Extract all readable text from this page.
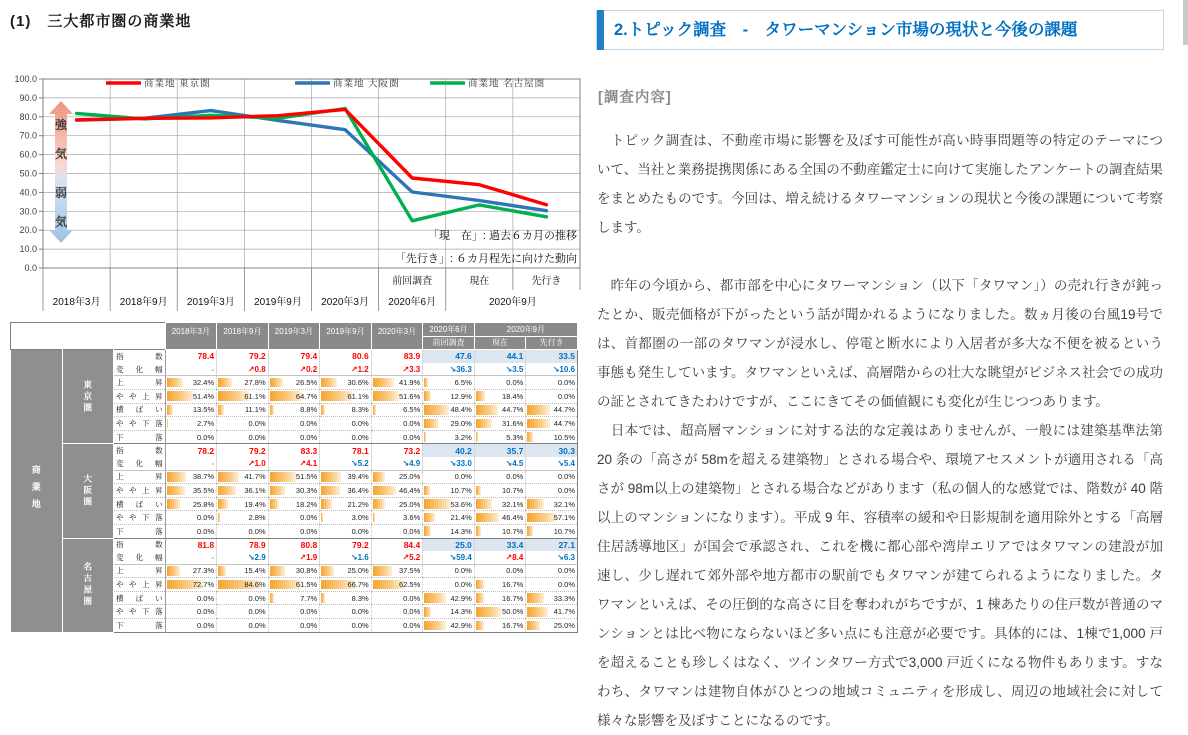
(1)　三大都市圏の商業地
0.0
10.0
20.0
30.0
40.0
50.0
60.0
70.0
80.0
90.0
100.0
強
気
弱
気
前回調査	現在	先行き
2018年3月 2018年9月 2019年3月 2019年9月 2020年3月 2020年6月	2020年9月
「現　在」: 過去６カ月の推移
「先行き」: ６カ月程先に向けた動向
商業地 東京圏	商業地 大阪圏	商業地 名古屋圏
			2018年3月	2018年9月	2019年3月	2019年9月	2020年3月	2020年6月	2020年9月	
								前回調査	現在	先行き

商業地	東京圏	指数	78.4	79.2	79.4	80.6	83.9	47.6	44.1	33.5
		変化幅	-	↗0.8	↗0.2	↗1.2	↗3.3	↘36.3	↘3.5	↘10.6
		上昇	32.4%	27.8%	26.5%	30.6%	41.9%	6.5%	0.0%	0.0%
		やや上昇	51.4%	61.1%	64.7%	61.1%	51.6%	12.9%	18.4%	0.0%
		横ばい	13.5%	11.1%	8.8%	8.3%	6.5%	48.4%	44.7%	44.7%
		やや下落	2.7%	0.0%	0.0%	0.0%	0.0%	29.0%	31.6%	44.7%
		下落	0.0%	0.0%	0.0%	0.0%	0.0%	3.2%	5.3%	10.5%

	大阪圏	指数	78.2	79.2	83.3	78.1	73.2	40.2	35.7	30.3
		変化幅	-	↗1.0	↗4.1	↘5.2	↘4.9	↘33.0	↘4.5	↘5.4
		上昇	38.7%	41.7%	51.5%	39.4%	25.0%	0.0%	0.0%	0.0%
		やや上昇	35.5%	36.1%	30.3%	36.4%	46.4%	10.7%	10.7%	0.0%
		横ばい	25.8%	19.4%	18.2%	21.2%	25.0%	53.6%	32.1%	32.1%
		やや下落	0.0%	2.8%	0.0%	3.0%	3.6%	21.4%	46.4%	57.1%
		下落	0.0%	0.0%	0.0%	0.0%	0.0%	14.3%	10.7%	10.7%

	名古屋圏	指数	81.8	78.9	80.8	79.2	84.4	25.0	33.4	27.1
		変化幅	-	↘2.9	↗1.9	↘1.6	↗5.2	↘59.4	↗8.4	↘6.3
		上昇	27.3%	15.4%	30.8%	25.0%	37.5%	0.0%	0.0%	0.0%
		やや上昇	72.7%	84.6%	61.5%	66.7%	62.5%	0.0%	16.7%	0.0%
		横ばい	0.0%	0.0%	7.7%	8.3%	0.0%	42.9%	16.7%	33.3%
		やや下落	0.0%	0.0%	0.0%	0.0%	0.0%	14.3%	50.0%	41.7%
		下落	0.0%	0.0%	0.0%	0.0%	0.0%	42.9%	16.7%	25.0%
2.トピック調査　-　タワーマンション市場の現状と今後の課題
[調査内容]

　トピック調査は、不動産市場に影響を及ぼす可能性が高い時事問題等の特定のテーマについて、当社と業務提携関係にある全国の不動産鑑定士に向けて実施したアンケートの調査結果をまとめたものです。今回は、増え続けるタワーマンションの現状と今後の課題について考察します。

　昨年の今頃から、都市部を中心にタワーマンション（以下「タワマン」）の売れ行きが鈍ったとか、販売価格が下がったという話が聞かれるようになりました。数ヵ月後の台風19号では、首都圏の一部のタワマンが浸水し、停電と断水により入居者が多大な不便を被るという事態も発生しています。タワマンといえば、高層階からの壮大な眺望がビジネス社会での成功の証とされてきたわけですが、ここにきてその価値観にも変化が生じつつあります。

　日本では、超高層マンションに対する法的な定義はありませんが、一般には建築基準法第 20 条の「高さが 58mを超える建築物」とされる場合や、環境アセスメントが適用される「高さが 98m以上の建築物」とされる場合などがあります（私の個人的な感覚では、階数が 40 階以上のマンションになります）。平成 9 年、容積率の緩和や日影規制を適用除外とする「高層住居誘導地区」が国会で承認され、これを機に都心部や湾岸エリアではタワマンの建設が加速し、少し遅れて郊外部や地方都市の駅前でもタワマンが建てられるようになりました。タワマンといえば、その圧倒的な高さに目を奪われがちですが、1 棟あたりの住戸数が普通のマンションとは比べ物にならないほど多い点にも注意が必要です。具体的には、1棟で1,000 戸を超えることも珍しくはなく、ツインタワー方式で3,000 戸近くになる物件もあります。すなわち、タワマンは建物自体がひとつの地域コミュニティを形成し、周辺の地域社会に対して様々な影響を及ぼすことになるのです。
